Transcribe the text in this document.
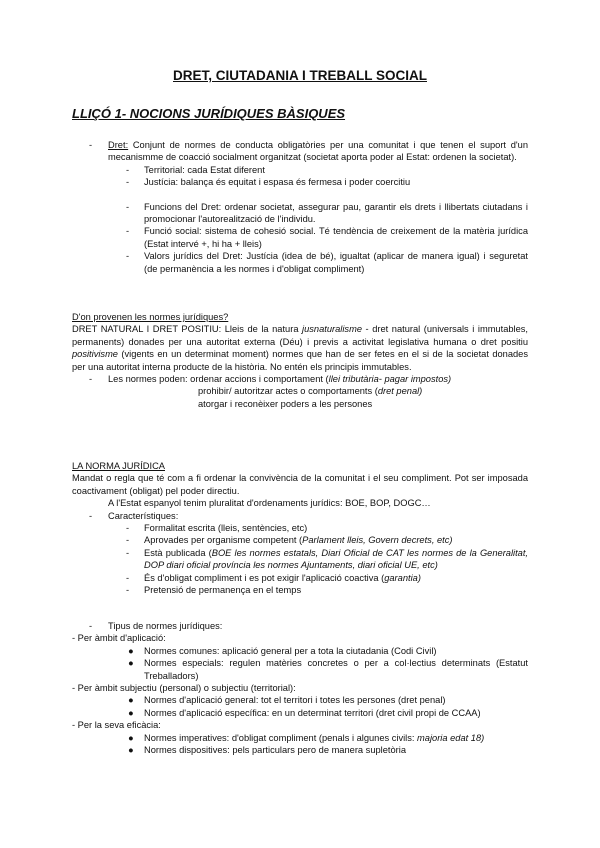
DRET, CIUTADANIA I TREBALL SOCIAL
LLIÇÓ 1- NOCIONS JURÍDIQUES BÀSIQUES
- Dret: Conjunt de normes de conducta obligatòries per una comunitat i que tenen el suport d'un mecanismme de coacció socialment organitzat (societat aporta poder al Estat: ordenen la societat).
- Territorial: cada Estat diferent
- Justícia: balança és equitat i espasa és fermesa i poder coercitiu
- Funcions del Dret: ordenar societat, assegurar pau, garantir els drets i llibertats ciutadans i promocionar l'autorealització de l'individu.
- Funció social: sistema de cohesió social. Té tendència de creixement de la matèria jurídica (Estat intervé +, hi ha + lleis)
- Valors jurídics del Dret: Justícia (idea de bé), igualtat (aplicar de manera igual) i seguretat (de permanència a les normes i d'obligat compliment)
D'on provenen les normes jurídiques?
DRET NATURAL I DRET POSITIU: Lleis de la natura jusnaturalisme - dret natural (universals i immutables, permanents) donades per una autoritat externa (Déu) i previs a activitat legislativa humana o dret positiu positivisme (vigents en un determinat moment) normes que han de ser fetes en el si de la societat donades per una autoritat interna producte de la història. No entén els principis immutables.
- Les normes poden: ordenar accions i comportament (llei tributària- pagar impostos)
prohibir/ autoritzar actes o comportaments (dret penal)
atorgar i reconèixer poders a les persones
LA NORMA JURÍDICA
Mandat o regla que té com a fi ordenar la convivència de la comunitat i el seu compliment. Pot ser imposada coactivament (obligat) pel poder directiu.
A l'Estat espanyol tenim pluralitat d'ordenaments jurídics: BOE, BOP, DOGC…
- Característiques:
- Formalitat escrita (lleis, sentències, etc)
- Aprovades per organisme competent (Parlament lleis, Govern decrets, etc)
- Està publicada (BOE les normes estatals, Diari Oficial de CAT les normes de la Generalitat, DOP diari oficial província les normes Ajuntaments, diari oficial UE, etc)
- És d'obligat compliment i es pot exigir l'aplicació coactiva (garantia)
- Pretensió de permanença en el temps
- Tipus de normes jurídiques:
- Per àmbit d'aplicació:
● Normes comunes: aplicació general per a tota la ciutadania (Codi Civil)
● Normes especials: regulen matèries concretes o per a col·lectius determinats (Estatut Treballadors)
- Per àmbit subjectiu (personal) o subjectiu (territorial):
● Normes d'aplicació general: tot el territori i totes les persones (dret penal)
● Normes d'aplicació específica: en un determinat territori (dret civil propi de CCAA)
- Per la seva eficàcia:
● Normes imperatives: d'obligat compliment (penals i algunes civils: majoria edat 18)
● Normes dispositives: pels particulars pero de manera supletòria
